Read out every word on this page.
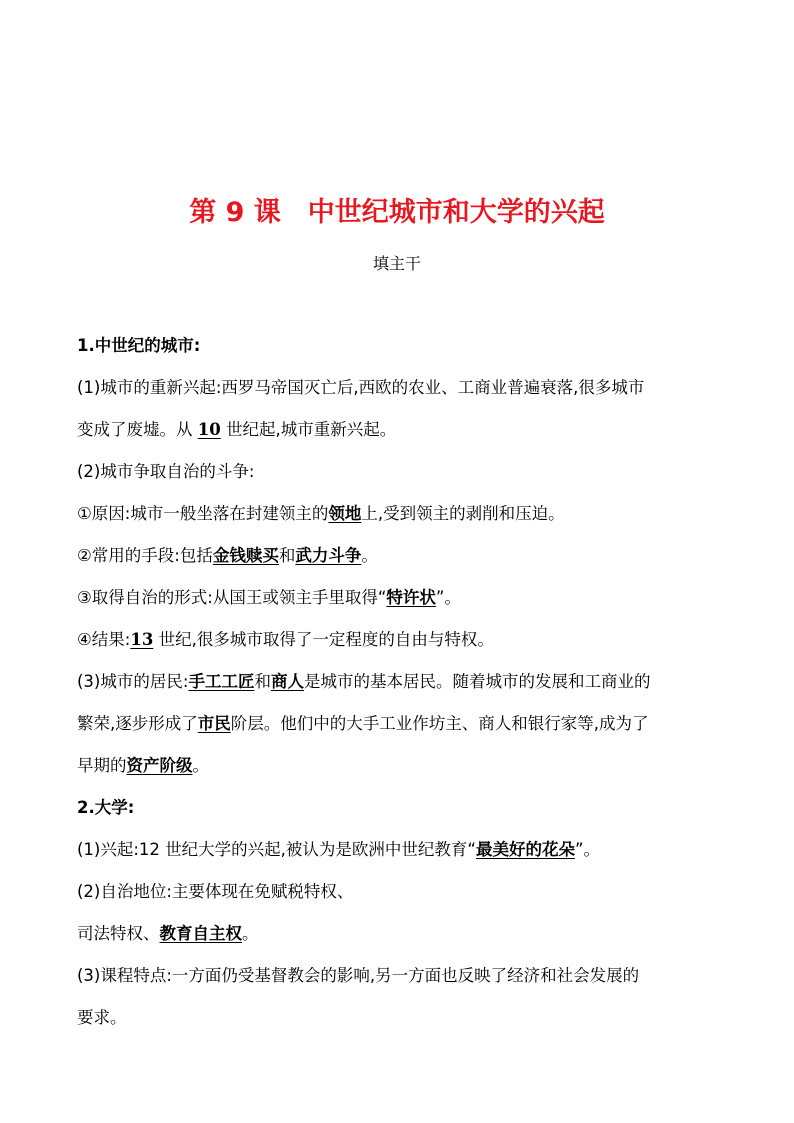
第 9 课　中世纪城市和大学的兴起
填主干
1.中世纪的城市:
(1)城市的重新兴起:西罗马帝国灭亡后,西欧的农业、工商业普遍衰落,很多城市
变成了废墟。从 10 世纪起,城市重新兴起。
(2)城市争取自治的斗争:
①原因:城市一般坐落在封建领主的领地上,受到领主的剥削和压迫。
②常用的手段:包括金钱赎买和武力斗争。
③取得自治的形式:从国王或领主手里取得“特许状”。
④结果:13 世纪,很多城市取得了一定程度的自由与特权。
(3)城市的居民:手工工匠和商人是城市的基本居民。随着城市的发展和工商业的
繁荣,逐步形成了市民阶层。他们中的大手工业作坊主、商人和银行家等,成为了
早期的资产阶级。
2.大学:
(1)兴起:12 世纪大学的兴起,被认为是欧洲中世纪教育“最美好的花朵”。
(2)自治地位:主要体现在免赋税特权、
司法特权、教育自主权。
(3)课程特点:一方面仍受基督教会的影响,另一方面也反映了经济和社会发展的
要求。
